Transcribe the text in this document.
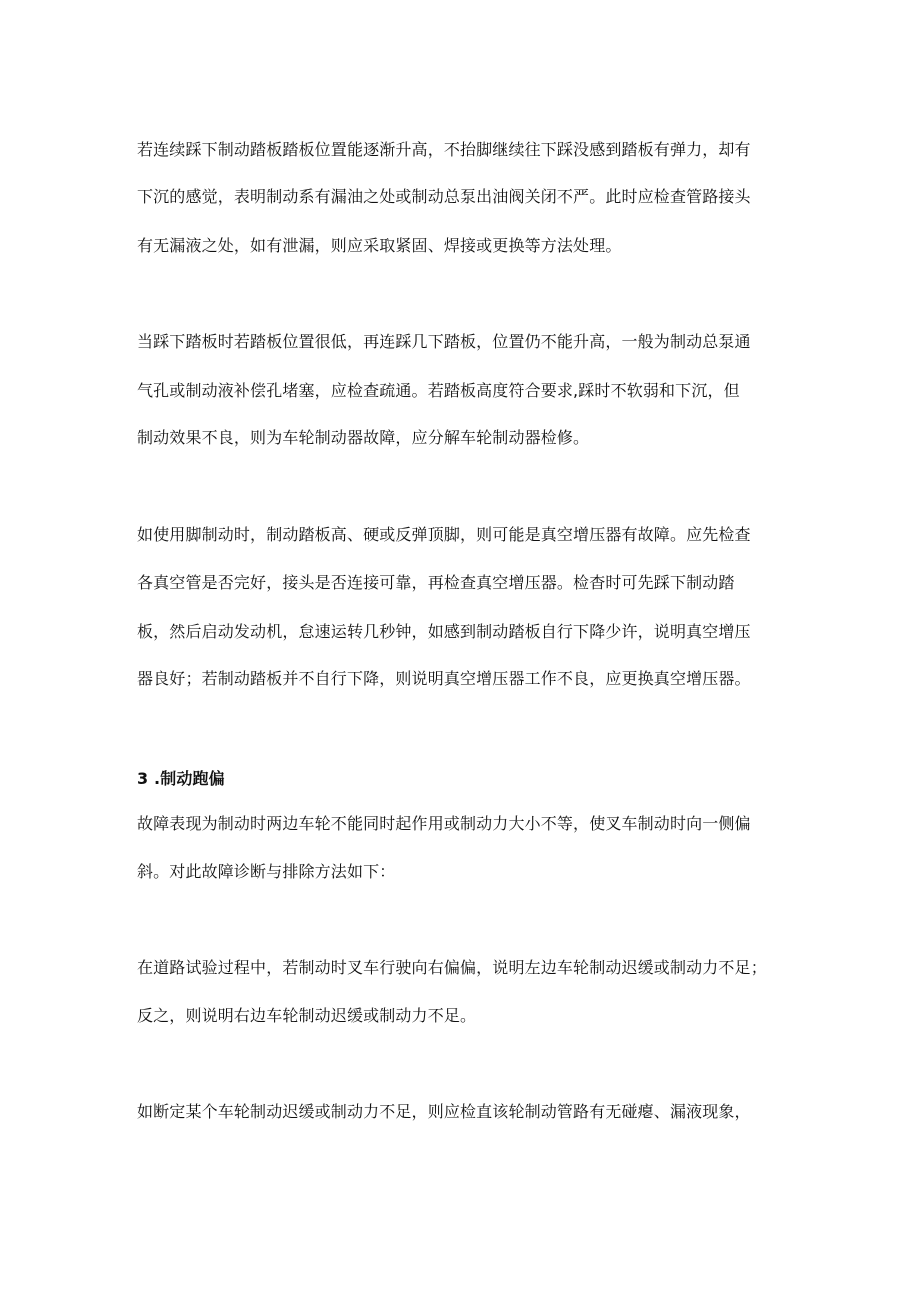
若连续踩下制动踏板踏板位置能逐渐升高，不抬脚继续往下踩没感到踏板有弹力，却有
下沉的感觉，表明制动系有漏油之处或制动总泵出油阀关闭不严。此时应检查管路接头
有无漏液之处，如有泄漏，则应采取紧固、焊接或更换等方法处理。
当踩下踏板时若踏板位置很低，再连踩几下踏板，位置仍不能升高，一般为制动总泵通
气孔或制动液补偿孔堵塞，应检查疏通。若踏板高度符合要求,踩时不软弱和下沉，但
制动效果不良，则为车轮制动器故障，应分解车轮制动器检修。
如使用脚制动时，制动踏板高、硬或反弹顶脚，则可能是真空增压器有故障。应先检查
各真空管是否完好，接头是否连接可靠，再检查真空增压器。检杳时可先踩下制动踏
板，然后启动发动机，怠速运转几秒钟，如感到制动踏板自行下降少许，说明真空增压
器良好；若制动踏板并不自行下降，则说明真空增压器工作不良，应更换真空增压器。
3 .制动跑偏
故障表现为制动时两边车轮不能同时起作用或制动力大小不等，使叉车制动时向一侧偏
斜。对此故障诊断与排除方法如下：
在道路试验过程中，若制动时叉车行驶向右偏偏，说明左边车轮制动迟缓或制动力不足；
反之，则说明右边车轮制动迟缓或制动力不足。
如断定某个车轮制动迟缓或制动力不足，则应检直该轮制动管路有无碰瘪、漏液现象，
